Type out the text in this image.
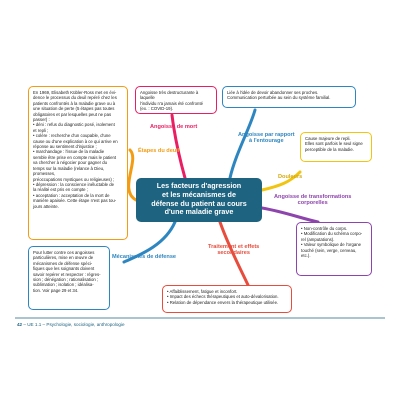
En 1969, Elisabeth Kübler-Ross met en évi-
dence le processus du deuil repéré chez les
patients confrontés à la maladie grave ou à
une situation de perte (5 étapes pas toutes
obligatoires et par lesquelles peut ne pas passer) :
• déni : refus du diagnostic posé, isolement
et repli ;
• colère : recherche d'un coupable, d'une
cause ou d'une explication à ce qui arrive en
réponse au sentiment d'injustice ;
• marchandage : l'issue de la maladie
semble être prise en compte mais le patient
va chercher à négocier pour gagner du
temps sur la maladie (relance à Dieu, promesses,
préoccupations mystiques ou religieuses) ;
• dépression : la conscience inéluctable de
la réalité est pris en compte ;
• acceptation : acceptation de la mort de
manière apaisée. Cette étape n'est pas tou-
jours atteinte.
Étapes du deuil
Pour lutter contre ces angoisses
particulières, mise en œuvre de
mécanismes de défense spéci-
fiques que les soignants doivent
savoir repérer et respecter : régres-
sion ; dénégation ; rationalisation ;
sublimation ; isolation ; idéalisa-
tion. Voir page 29 et 34.
Mécanismes de défense
Angoisse très destructurante à laquelle
l'individu n'a jamais été confronté
(ex. : COVID-19).
Angoisse de mort
Liée à l'idée de devoir abandonner ses proches.
Communication perturbée au sein du système familial.
Angoisse par rapport
à l'entourage	Cause majeure de repli.
Elles sont parfois le seul signe
perceptible de la maladie.
Douleurs
• Non-contrôle du corps.
• Modification du schéma corpo-
rel (amputations).
• Valeur symbolique de l'organe
touché (sein, verge, cerveau,
etc.).
Angoisse de transformations
corporelles
• Affaiblissement, fatigue et inconfort.
• Impact des échecs thérapeutiques et auto-dévalorisation.
• Relation de dépendance envers la thérapeutique utilisée.
Traitement et effets
secondaires
Les facteurs d'agression
et les mécanismes de
défense du patient au cours
d'une maladie grave
42 – UE 1.1 – Psychologie, sociologie, anthropologie
